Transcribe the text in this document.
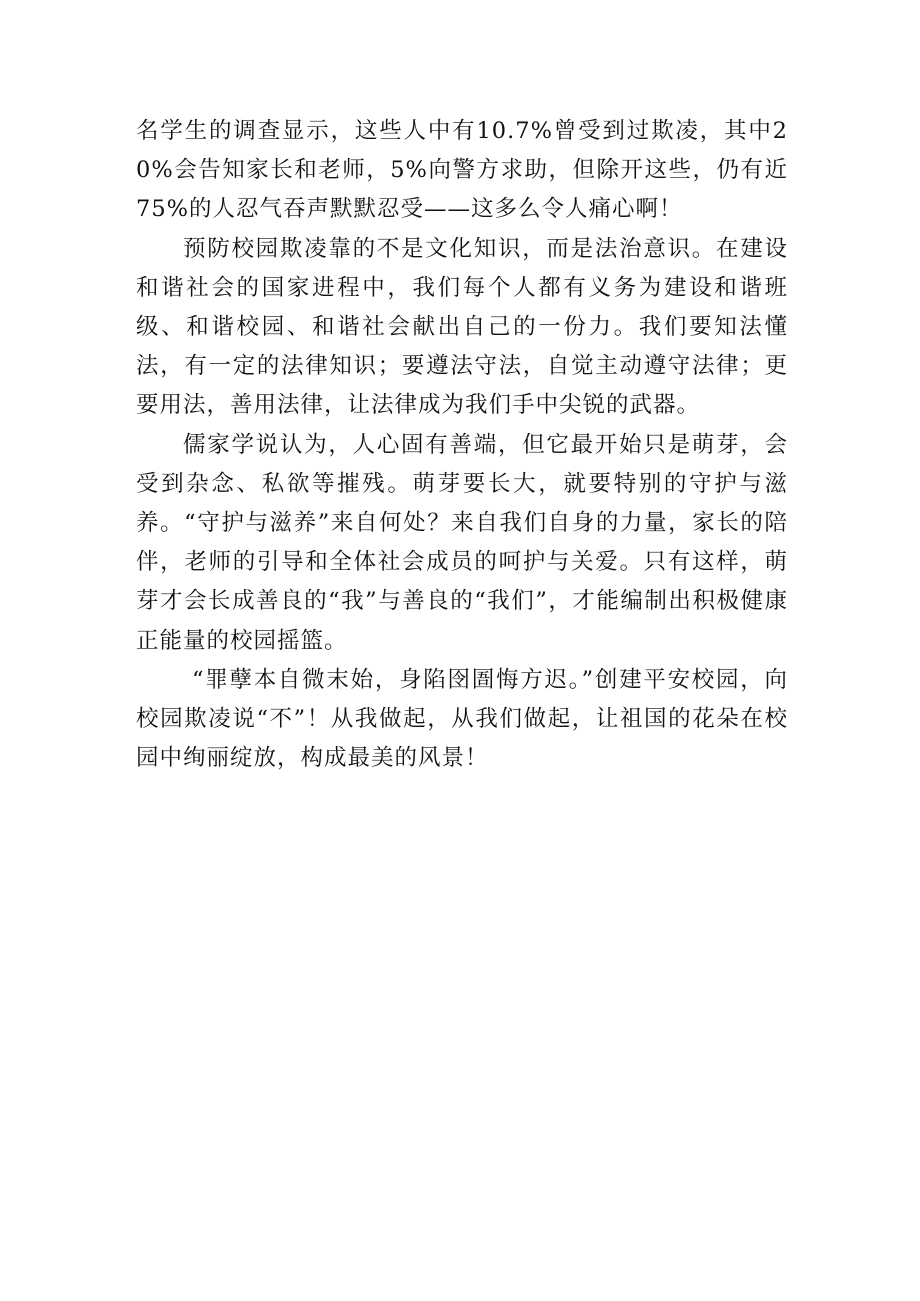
名学生的调查显示，这些人中有10.7%曾受到过欺凌，其中20%会告知家长和老师，5%向警方求助，但除开这些，仍有近75%的人忍气吞声默默忍受——这多么令人痛心啊！

预防校园欺凌靠的不是文化知识，而是法治意识。在建设和谐社会的国家进程中，我们每个人都有义务为建设和谐班级、和谐校园、和谐社会献出自己的一份力。我们要知法懂法，有一定的法律知识；要遵法守法，自觉主动遵守法律；更要用法，善用法律，让法律成为我们手中尖锐的武器。

儒家学说认为，人心固有善端，但它最开始只是萌芽，会受到杂念、私欲等摧残。萌芽要长大，就要特别的守护与滋养。“守护与滋养”来自何处？来自我们自身的力量，家长的陪伴，老师的引导和全体社会成员的呵护与关爱。只有这样，萌芽才会长成善良的“我”与善良的“我们”，才能编制出积极健康正能量的校园摇篮。

“罪孽本自微末始，身陷囹圄悔方迟。”创建平安校园，向校园欺凌说“不”！从我做起，从我们做起，让祖国的花朵在校园中绚丽绽放，构成最美的风景！
